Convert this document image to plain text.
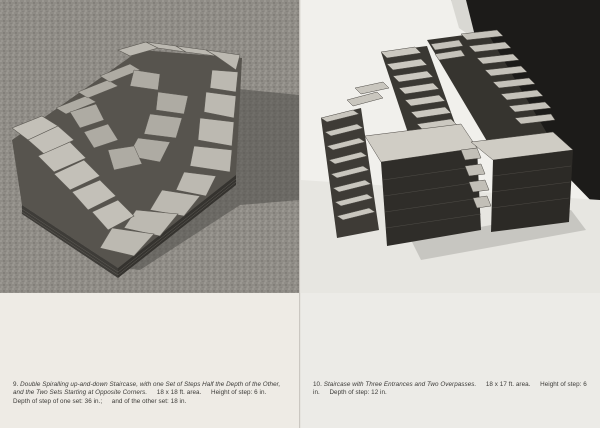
9. Double Spiralling up-and-down Staircase, with one Set of Steps Half the Depth of the Other, and the Two Sets Starting at Opposite Corners. 18 x 18 ft. area. Height of step: 6 in.  Depth of step of one set: 36 in.; and of the other set: 18 in.

10. Staircase with Three Entrances and Two Overpasses. 18 x 17 ft. area. Height of step: 6 in. Depth of step: 12 in.
